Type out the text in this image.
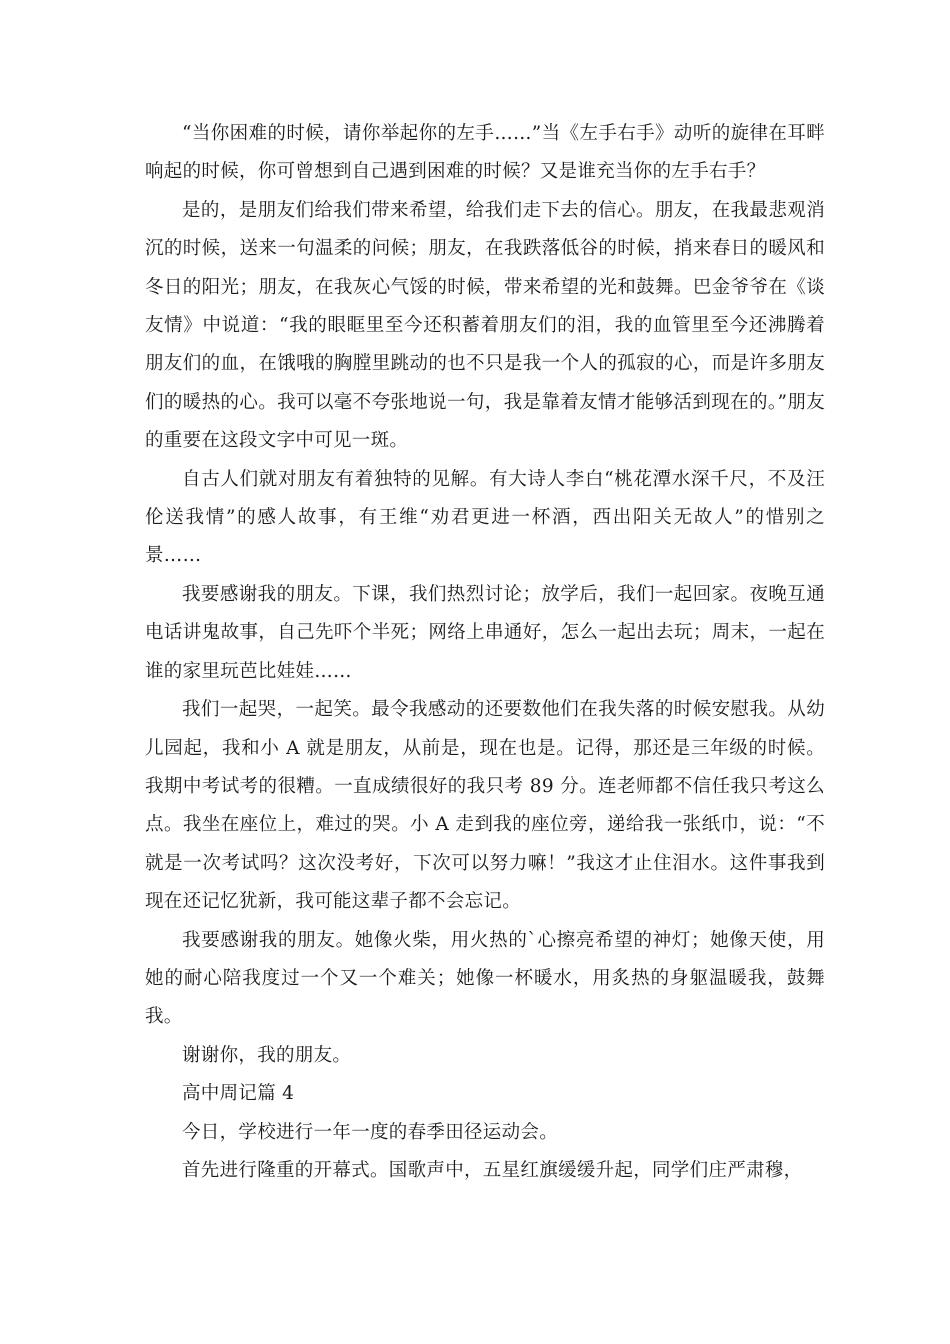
“当你困难的时候，请你举起你的左手……”当《左手右手》动听的旋律在耳畔响起的时候，你可曾想到自己遇到困难的时候？又是谁充当你的左手右手？

是的，是朋友们给我们带来希望，给我们走下去的信心。朋友，在我最悲观消沉的时候，送来一句温柔的问候；朋友，在我跌落低谷的时候，捎来春日的暖风和冬日的阳光；朋友，在我灰心气馁的时候，带来希望的光和鼓舞。巴金爷爷在《谈友情》中说道：“我的眼眶里至今还积蓄着朋友们的泪，我的血管里至今还沸腾着朋友们的血，在饿哦的胸膛里跳动的也不只是我一个人的孤寂的心，而是许多朋友们的暖热的心。我可以毫不夸张地说一句，我是靠着友情才能够活到现在的。”朋友的重要在这段文字中可见一斑。

自古人们就对朋友有着独特的见解。有大诗人李白“桃花潭水深千尺，不及汪伦送我情”的感人故事，有王维“劝君更进一杯酒，西出阳关无故人”的惜别之景……

我要感谢我的朋友。下课，我们热烈讨论；放学后，我们一起回家。夜晚互通电话讲鬼故事，自己先吓个半死；网络上串通好，怎么一起出去玩；周末，一起在谁的家里玩芭比娃娃……

我们一起哭，一起笑。最令我感动的还要数他们在我失落的时候安慰我。从幼儿园起，我和小 A 就是朋友，从前是，现在也是。记得，那还是三年级的时候。我期中考试考的很糟。一直成绩很好的我只考 89 分。连老师都不信任我只考这么点。我坐在座位上，难过的哭。小 A 走到我的座位旁，递给我一张纸巾，说：“不就是一次考试吗？这次没考好，下次可以努力嘛！”我这才止住泪水。这件事我到现在还记忆犹新，我可能这辈子都不会忘记。

我要感谢我的朋友。她像火柴，用火热的`心擦亮希望的神灯；她像天使，用她的耐心陪我度过一个又一个难关；她像一杯暖水，用炙热的身躯温暖我，鼓舞我。

谢谢你，我的朋友。

高中周记篇 4

今日，学校进行一年一度的春季田径运动会。

首先进行隆重的开幕式。国歌声中，五星红旗缓缓升起，同学们庄严肃穆，
